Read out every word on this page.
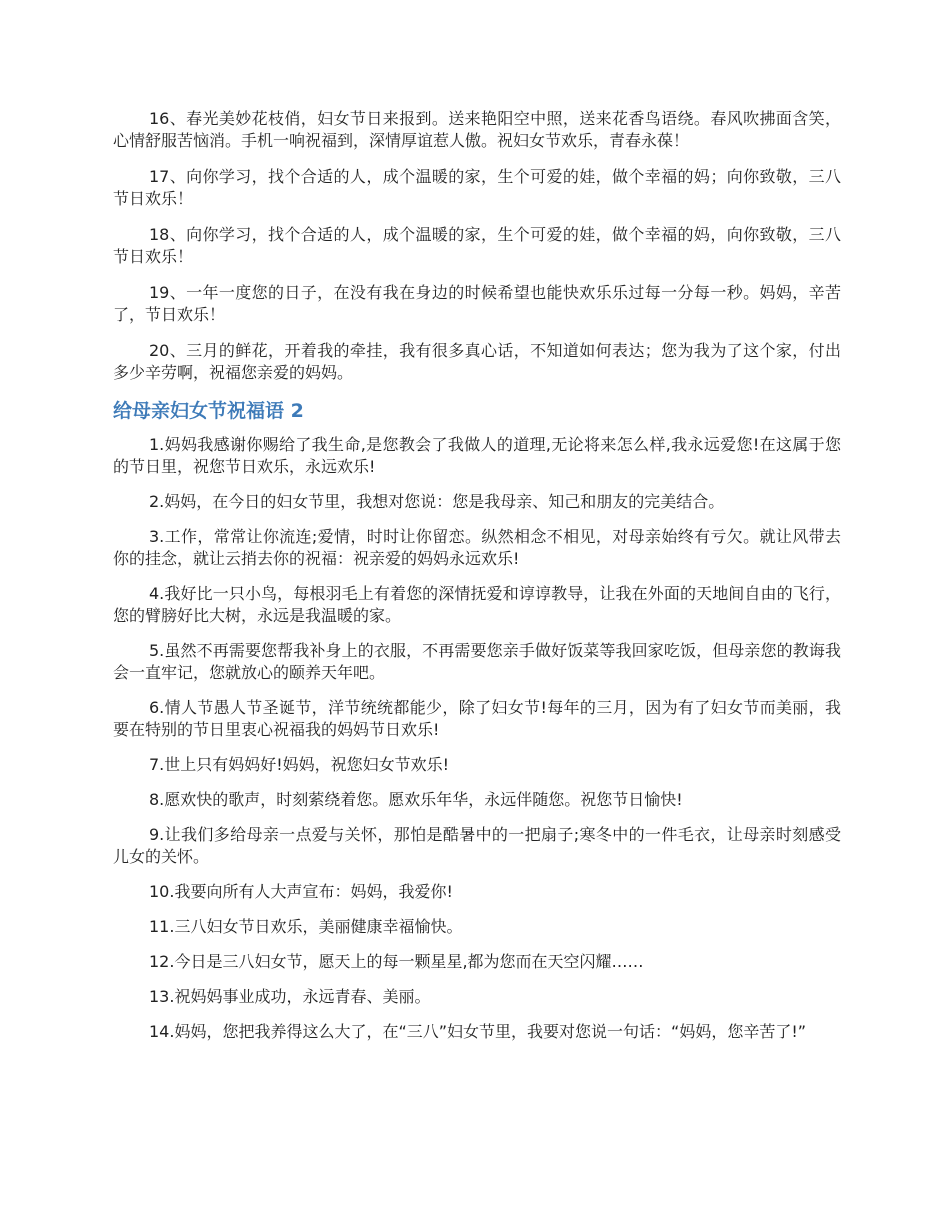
16、春光美妙花枝俏，妇女节日来报到。送来艳阳空中照，送来花香鸟语绕。春风吹拂面含笑，心情舒服苦恼消。手机一响祝福到，深情厚谊惹人傲。祝妇女节欢乐，青春永葆！

17、向你学习，找个合适的人，成个温暖的家，生个可爱的娃，做个幸福的妈；向你致敬，三八节日欢乐！

18、向你学习，找个合适的人，成个温暖的家，生个可爱的娃，做个幸福的妈，向你致敬，三八节日欢乐！

19、一年一度您的日子，在没有我在身边的时候希望也能快欢乐乐过每一分每一秒。妈妈，辛苦了，节日欢乐！

20、三月的鲜花，开着我的牵挂，我有很多真心话，不知道如何表达；您为我为了这个家，付出多少辛劳啊，祝福您亲爱的妈妈。

给母亲妇女节祝福语 2

1.妈妈我感谢你赐给了我生命,是您教会了我做人的道理,无论将来怎么样,我永远爱您!在这属于您的节日里，祝您节日欢乐，永远欢乐!

2.妈妈，在今日的妇女节里，我想对您说：您是我母亲、知己和朋友的完美结合。

3.工作，常常让你流连;爱情，时时让你留恋。纵然相念不相见，对母亲始终有亏欠。就让风带去你的挂念，就让云捎去你的祝福：祝亲爱的妈妈永远欢乐!

4.我好比一只小鸟，每根羽毛上有着您的深情抚爱和谆谆教导，让我在外面的天地间自由的飞行，您的臂膀好比大树，永远是我温暖的家。

5.虽然不再需要您帮我补身上的衣服，不再需要您亲手做好饭菜等我回家吃饭，但母亲您的教诲我会一直牢记，您就放心的颐养天年吧。

6.情人节愚人节圣诞节，洋节统统都能少，除了妇女节!每年的三月，因为有了妇女节而美丽，我要在特别的节日里衷心祝福我的妈妈节日欢乐!

7.世上只有妈妈好!妈妈，祝您妇女节欢乐!

8.愿欢快的歌声，时刻萦绕着您。愿欢乐年华，永远伴随您。祝您节日愉快!

9.让我们多给母亲一点爱与关怀，那怕是酷暑中的一把扇子;寒冬中的一件毛衣，让母亲时刻感受儿女的关怀。

10.我要向所有人大声宣布：妈妈，我爱你!

11.三八妇女节日欢乐，美丽健康幸福愉快。

12.今日是三八妇女节，愿天上的每一颗星星,都为您而在天空闪耀……

13.祝妈妈事业成功，永远青春、美丽。

14.妈妈，您把我养得这么大了，在“三八”妇女节里，我要对您说一句话：“妈妈，您辛苦了!”
